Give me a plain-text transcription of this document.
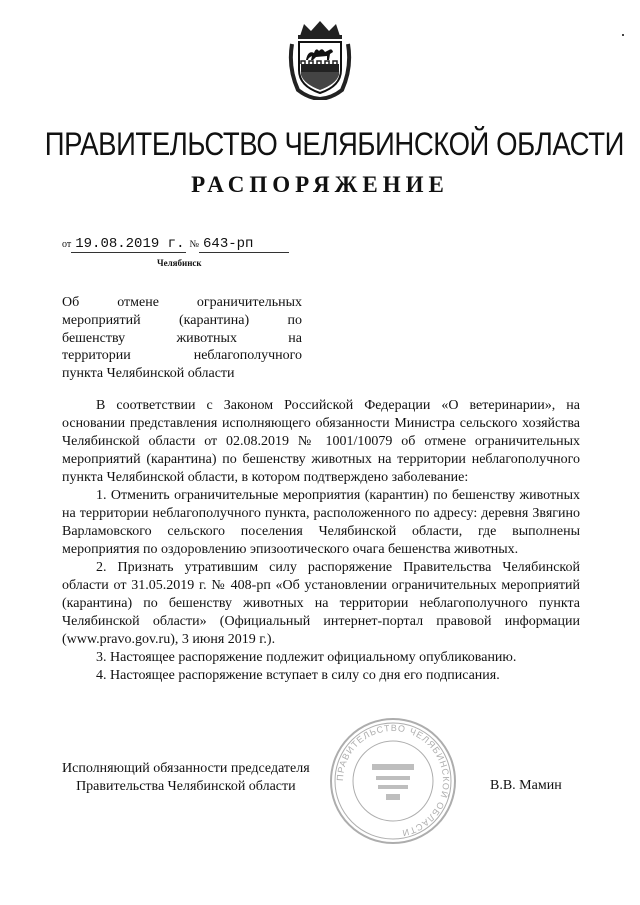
ПРАВИТЕЛЬСТВО ЧЕЛЯБИНСКОЙ ОБЛАСТИ
РАСПОРЯЖЕНИЕ
от 19.08.2019 г. № 643-рп
Челябинск
Об отмене ограничительных
мероприятий (карантина) по
бешенству животных на
территории неблагополучного
пункта Челябинской области

В соответствии с Законом Российской Федерации «О ветеринарии», на основании представления исполняющего обязанности Министра сельского хозяйства Челябинской области от 02.08.2019 № 1001/10079 об отмене ограничительных мероприятий (карантина) по бешенству животных на территории неблагополучного пункта Челябинской области, в котором подтверждено заболевание:

1. Отменить ограничительные мероприятия (карантин) по бешенству животных на территории неблагополучного пункта, расположенного по адресу: деревня Звягино Варламовского сельского поселения Челябинской области, где выполнены мероприятия по оздоровлению эпизоотического очага бешенства животных.

2. Признать утратившим силу распоряжение Правительства Челябинской области от 31.05.2019 г. № 408-рп «Об установлении ограничительных мероприятий (карантина) по бешенству животных на территории неблагополучного пункта Челябинской области» (Официальный интернет-портал правовой информации (www.pravo.gov.ru), 3 июня 2019 г.).

3. Настоящее распоряжение подлежит официальному опубликованию.

4. Настоящее распоряжение вступает в силу со дня его подписания.

Исполняющий обязанности председателя
Правительства Челябинской области
ПРАВИТЕЛЬСТВО ЧЕЛЯБИНСКОЙ ОБЛАСТИ
В.В. Мамин
